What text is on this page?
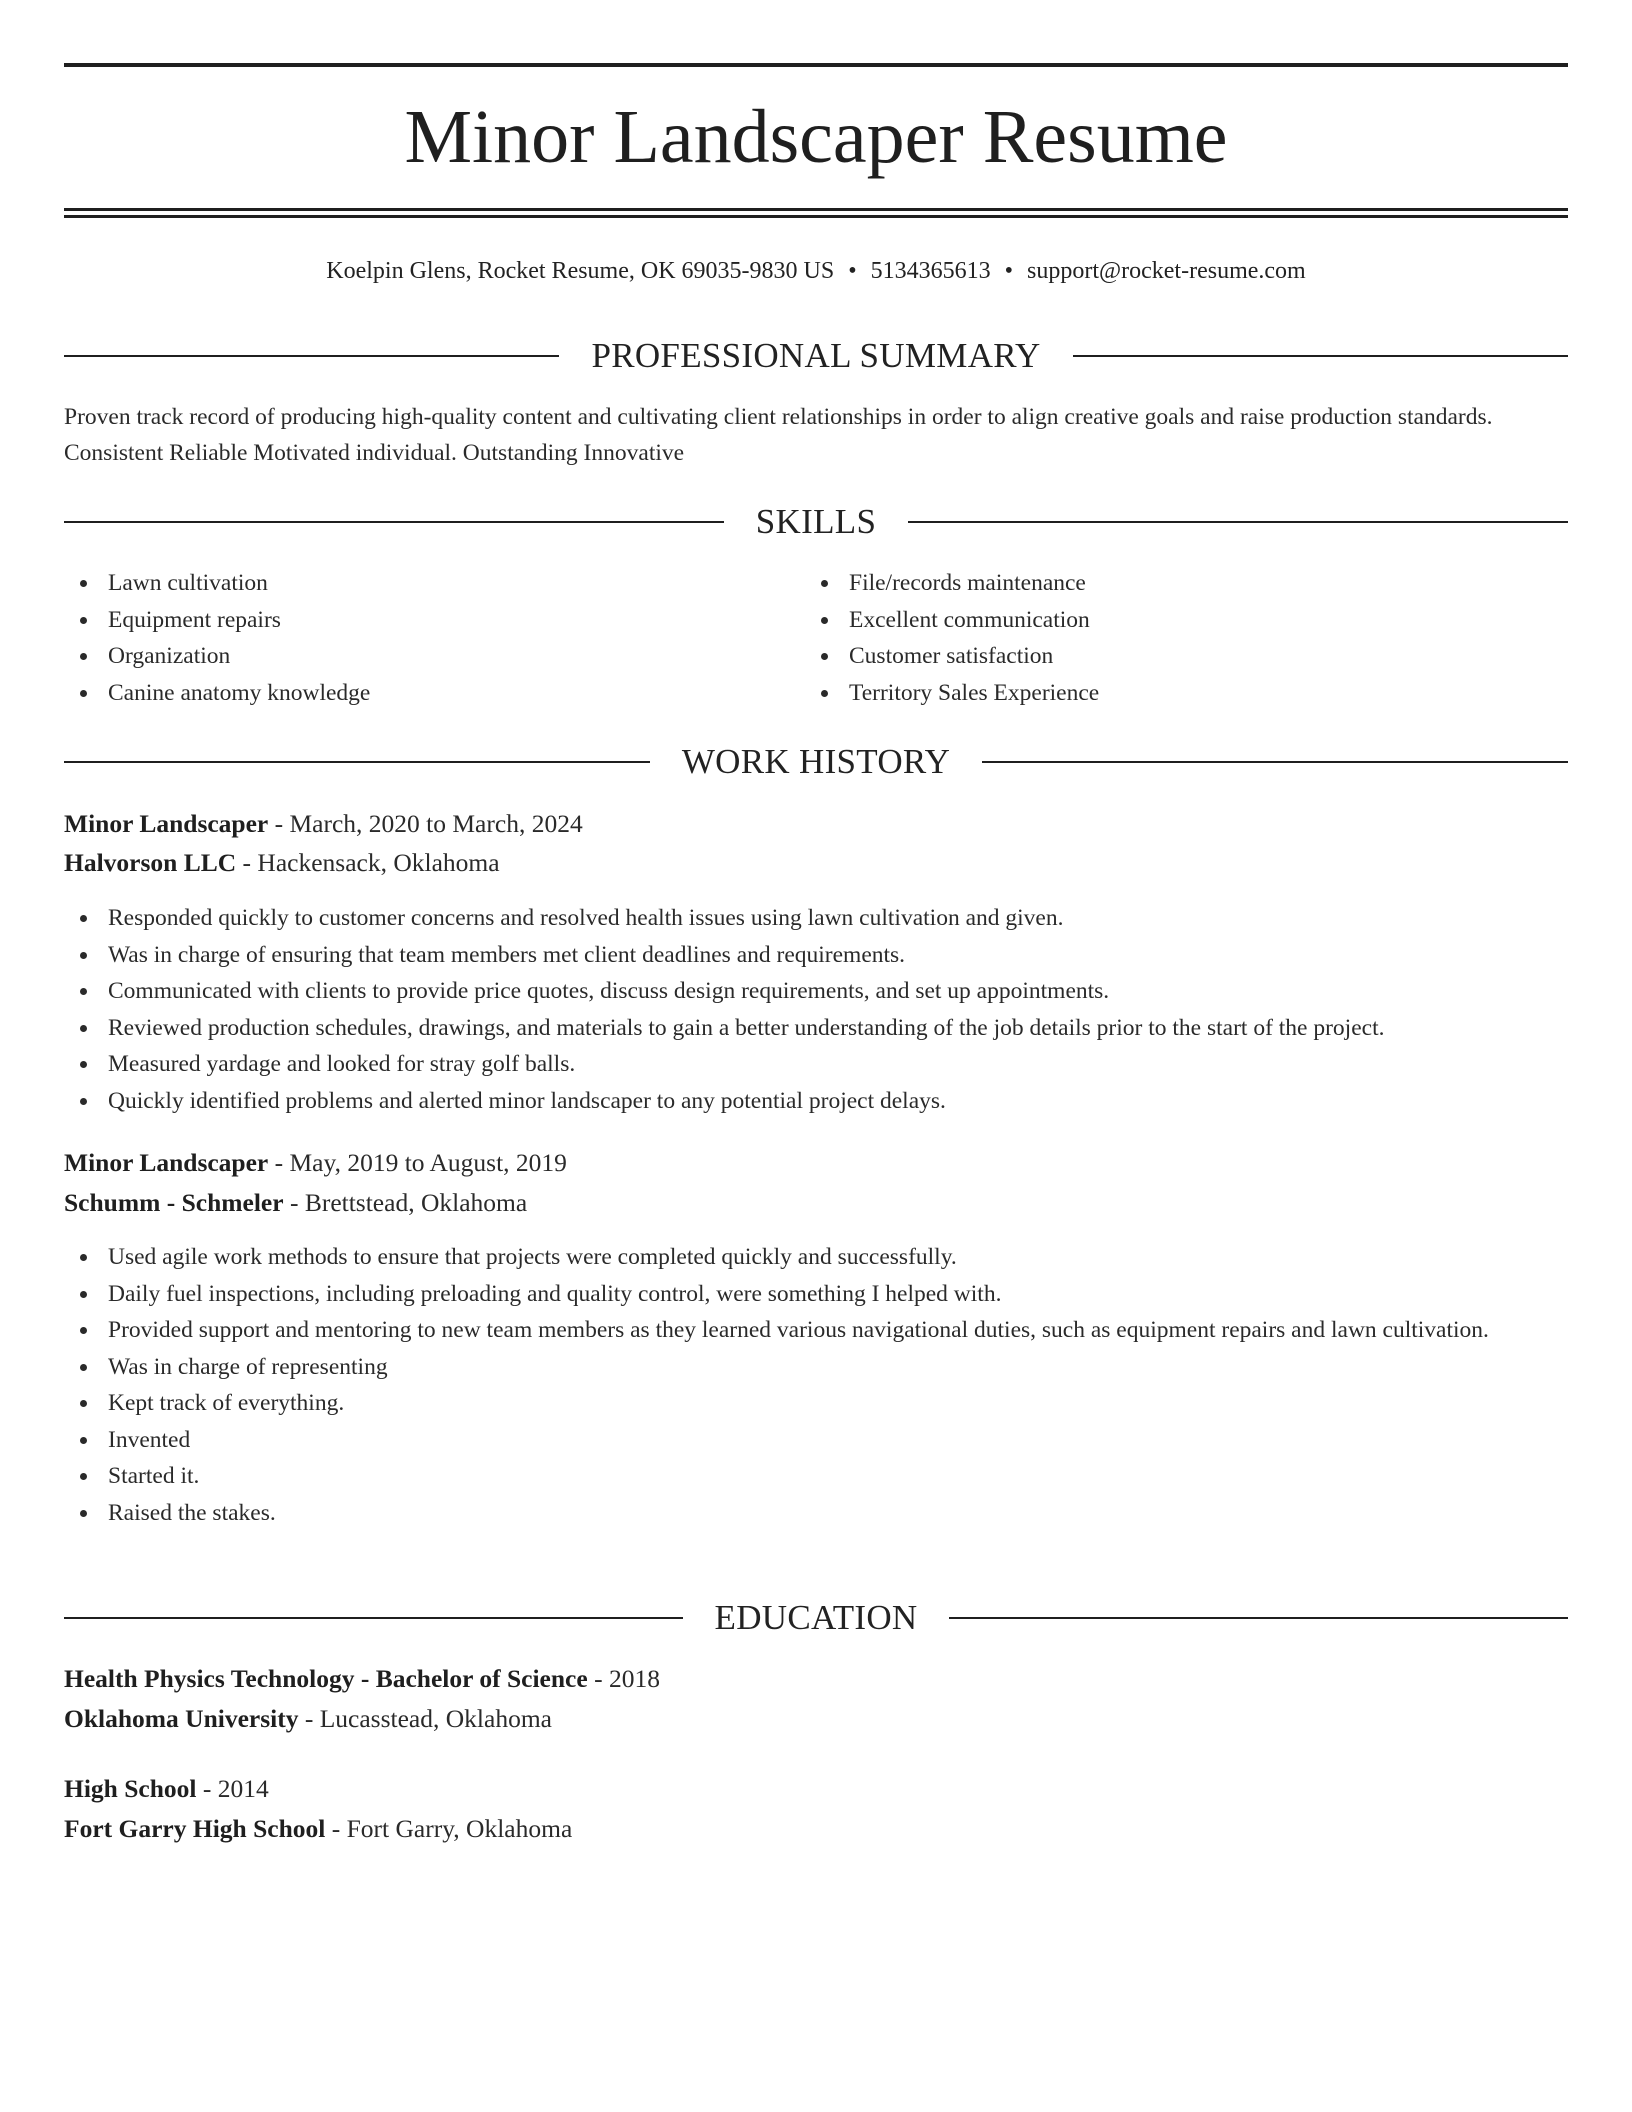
Minor Landscaper Resume
Koelpin Glens, Rocket Resume, OK 69035-9830 US • 5134365613 • support@rocket-resume.com
PROFESSIONAL SUMMARY
Proven track record of producing high-quality content and cultivating client relationships in order to align creative goals and raise production standards. Consistent Reliable Motivated individual. Outstanding Innovative
SKILLS
Lawn cultivation
Equipment repairs
Organization
Canine anatomy knowledge
File/records maintenance
Excellent communication
Customer satisfaction
Territory Sales Experience
WORK HISTORY
Minor Landscaper - March, 2020 to March, 2024
Halvorson LLC - Hackensack, Oklahoma
Responded quickly to customer concerns and resolved health issues using lawn cultivation and given.
Was in charge of ensuring that team members met client deadlines and requirements.
Communicated with clients to provide price quotes, discuss design requirements, and set up appointments.
Reviewed production schedules, drawings, and materials to gain a better understanding of the job details prior to the start of the project.
Measured yardage and looked for stray golf balls.
Quickly identified problems and alerted minor landscaper to any potential project delays.
Minor Landscaper - May, 2019 to August, 2019
Schumm - Schmeler - Brettstead, Oklahoma
Used agile work methods to ensure that projects were completed quickly and successfully.
Daily fuel inspections, including preloading and quality control, were something I helped with.
Provided support and mentoring to new team members as they learned various navigational duties, such as equipment repairs and lawn cultivation.
Was in charge of representing
Kept track of everything.
Invented
Started it.
Raised the stakes.
EDUCATION
Health Physics Technology - Bachelor of Science - 2018
Oklahoma University - Lucasstead, Oklahoma
High School - 2014
Fort Garry High School - Fort Garry, Oklahoma
